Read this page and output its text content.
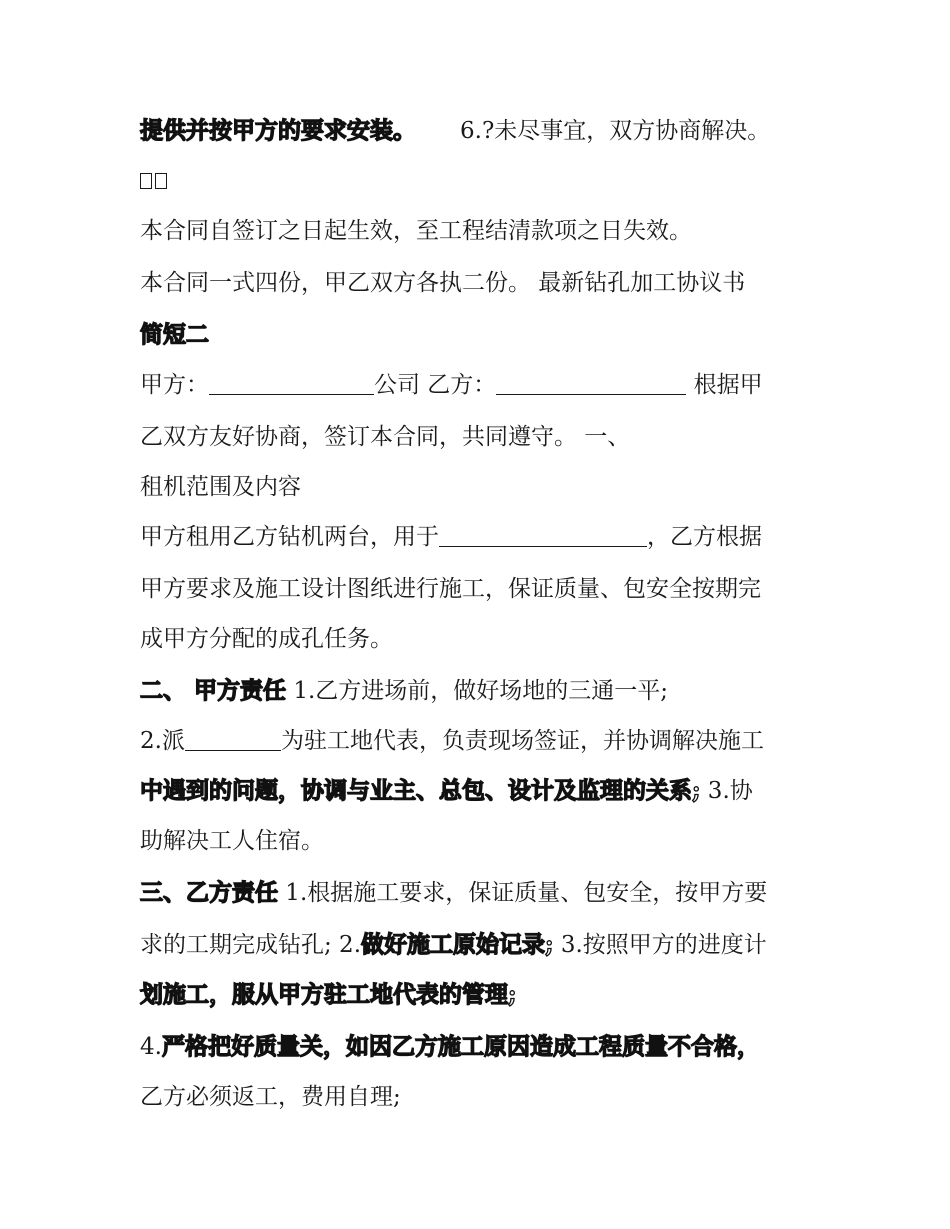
提供并按甲方的要求安装。 6.?未尽事宜，双方协商解决。
本合同自签订之日起生效，至工程结清款项之日失效。
本合同一式四份，甲乙双方各执二份。 最新钻孔加工协议书
简短二
甲方：	公司 乙方：	根据甲
乙双方友好协商，签订本合同，共同遵守。 一、
租机范围及内容
甲方租用乙方钻机两台，用于	，乙方根据
甲方要求及施工设计图纸进行施工，保证质量、包安全按期完
成甲方分配的成孔任务。
二、 甲方责任 1.乙方进场前，做好场地的三通一平;
2.派	为驻工地代表，负责现场签证，并协调解决施工
中遇到的问题，协调与业主、总包、设计及监理的关系; 3.协
助解决工人住宿。
三、乙方责任 1.根据施工要求，保证质量、包安全，按甲方要
求的工期完成钻孔; 2.做好施工原始记录; 3.按照甲方的进度计
划施工，服从甲方驻工地代表的管理;
4.严格把好质量关，如因乙方施工原因造成工程质量不合格，
乙方必须返工，费用自理;
